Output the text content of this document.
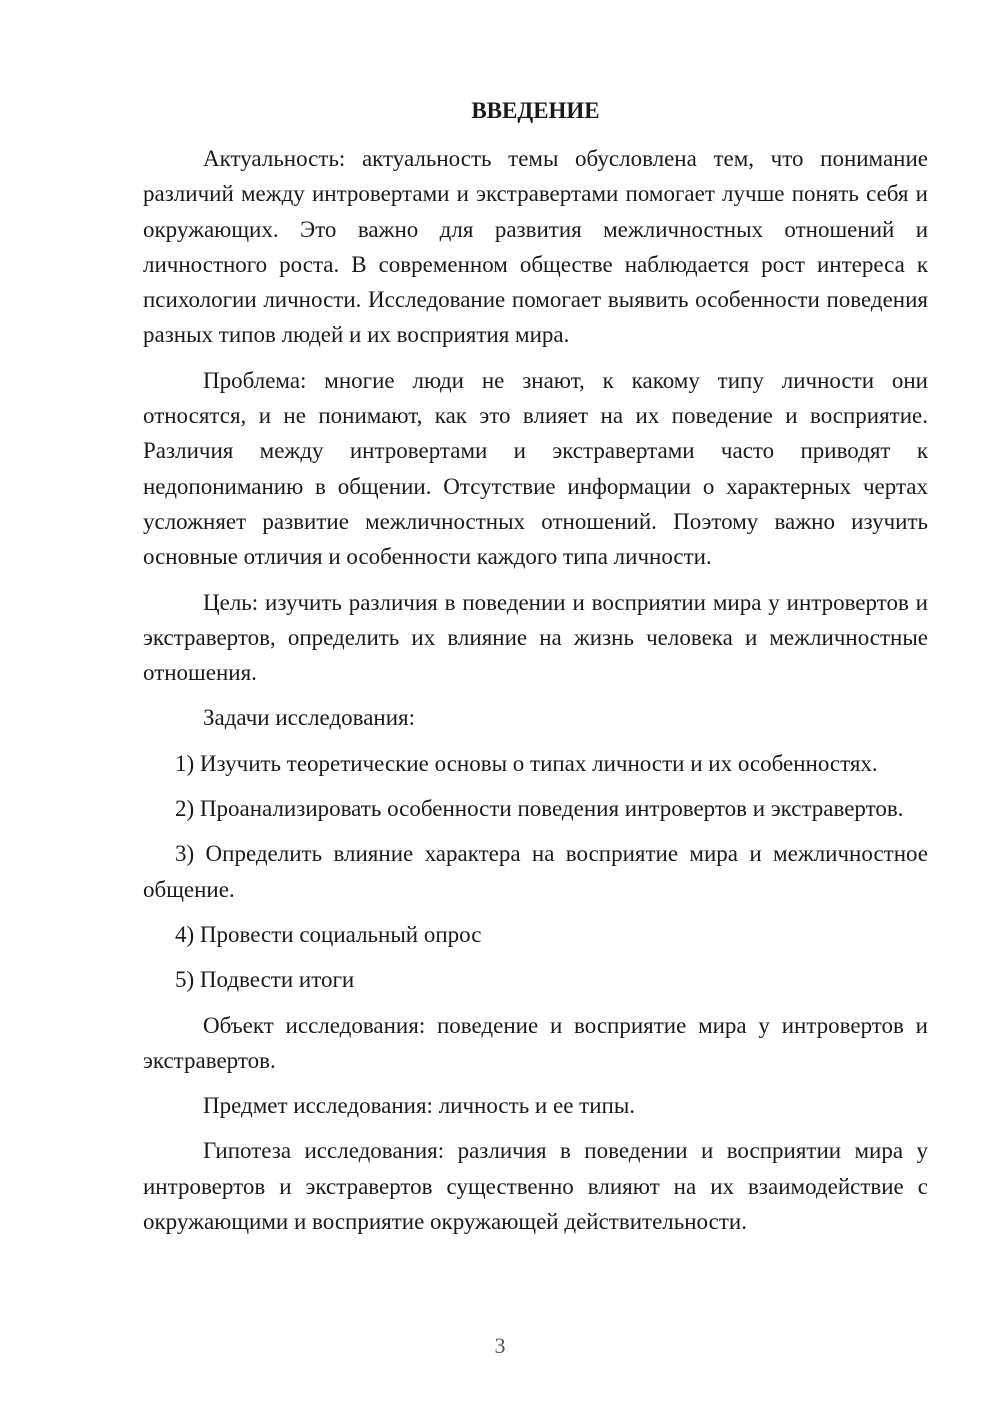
ВВЕДЕНИЕ

Актуальность: актуальность темы обусловлена тем, что понимание различий между интровертами и экстравертами помогает лучше понять себя и окружающих. Это важно для развития межличностных отношений и личностного роста. В современном обществе наблюдается рост интереса к психологии личности. Исследование помогает выявить особенности поведения разных типов людей и их восприятия мира.

Проблема: многие люди не знают, к какому типу личности они относятся, и не понимают, как это влияет на их поведение и восприятие. Различия между интровертами и экстравертами часто приводят к недопониманию в общении. Отсутствие информации о характерных чертах усложняет развитие межличностных отношений. Поэтому важно изучить основные отличия и особенности каждого типа личности.

Цель: изучить различия в поведении и восприятии мира у интровертов и экстравертов, определить их влияние на жизнь человека и межличностные отношения.

Задачи исследования:

1) Изучить теоретические основы о типах личности и их особенностях.

2) Проанализировать особенности поведения интровертов и экстравертов.

3) Определить влияние характера на восприятие мира и межличностное общение.

4) Провести социальный опрос

5) Подвести итоги

Объект исследования: поведение и восприятие мира у интровертов и экстравертов.

Предмет исследования: личность и ее типы.

Гипотеза исследования: различия в поведении и восприятии мира у интровертов и экстравертов существенно влияют на их взаимодействие с окружающими и восприятие окружающей действительности.

3
